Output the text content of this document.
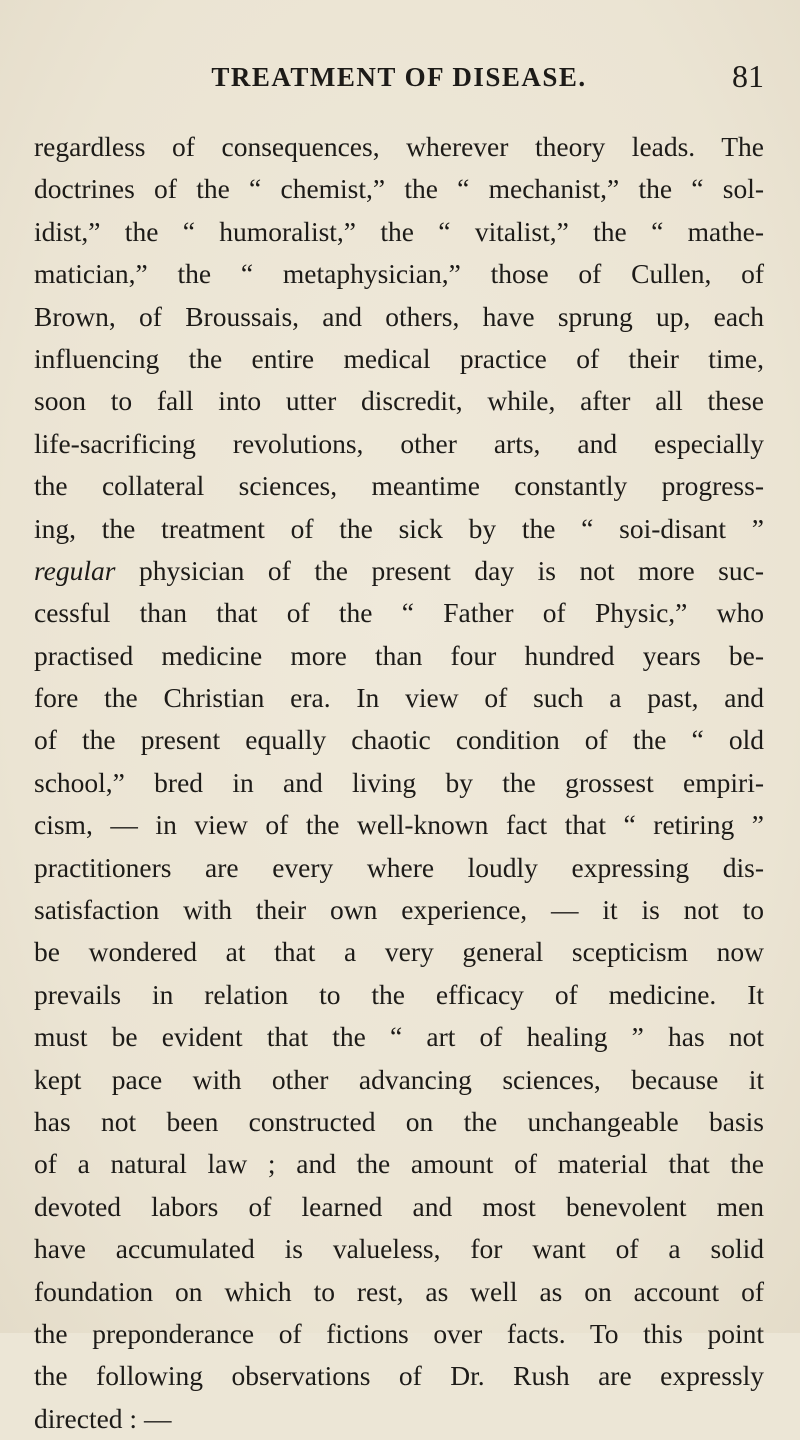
TREATMENT OF DISEASE.	81
regardless of consequences, wherever theory leads. The
doctrines of the “ chemist,” the “ mechanist,” the “ sol-
idist,” the “ humoralist,” the “ vitalist,” the “ mathe-
matician,” the “ metaphysician,” those of Cullen, of
Brown, of Broussais, and others, have sprung up, each
influencing the entire medical practice of their time,
soon to fall into utter discredit, while, after all these
life-sacrificing revolutions, other arts, and especially
the collateral sciences, meantime constantly progress-
ing, the treatment of the sick by the “ soi-disant ”
regular physician of the present day is not more suc-
cessful than that of the “ Father of Physic,” who
practised medicine more than four hundred years be-
fore the Christian era. In view of such a past, and
of the present equally chaotic condition of the “ old
school,” bred in and living by the grossest empiri-
cism, — in view of the well-known fact that “ retiring ”
practitioners are every where loudly expressing dis-
satisfaction with their own experience, — it is not to
be wondered at that a very general scepticism now
prevails in relation to the efficacy of medicine. It
must be evident that the “ art of healing ” has not
kept pace with other advancing sciences, because it
has not been constructed on the unchangeable basis
of a natural law ; and the amount of material that the
devoted labors of learned and most benevolent men
have accumulated is valueless, for want of a solid
foundation on which to rest, as well as on account of
the preponderance of fictions over facts. To this point
the following observations of Dr. Rush are expressly
directed : —
